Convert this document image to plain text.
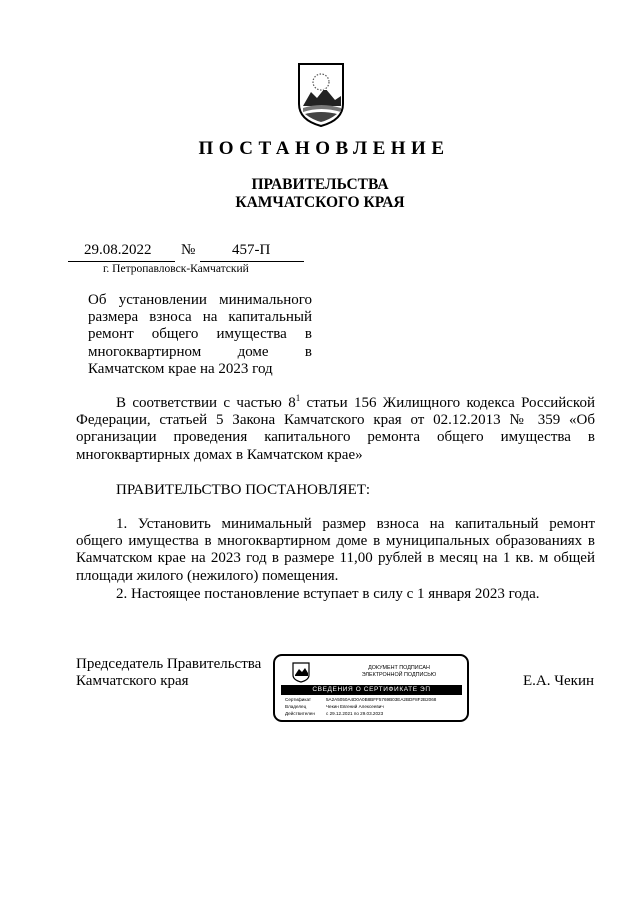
ПОСТАНОВЛЕНИЕ
ПРАВИТЕЛЬСТВА
КАМЧАТСКОГО КРАЯ
29.08.2022 № 457-П
г. Петропавловск-Камчатский
Об установлении минимального размера взноса на капитальный ремонт общего имущества в многоквартирном доме в Камчатском крае на 2023 год
В соответствии с частью $8^1$ статьи 156 Жилищного кодекса Российской Федерации, статьей 5 Закона Камчатского края от 02.12.2013 № 359 «Об организации проведения капитального ремонта общего имущества в многоквартирных домах в Камчатском крае»
ПРАВИТЕЛЬСТВО ПОСТАНОВЛЯЕТ:
1. Установить минимальный размер взноса на капитальный ремонт общего имущества в многоквартирном доме в муниципальных образованиях в Камчатском крае на 2023 год в размере 11,00 рублей в месяц на 1 кв. м общей площади жилого (нежилого) помещения.
2. Настоящее постановление вступает в силу с 1 января 2023 года.
Председатель Правительства
Камчатского края	Е.А. Чекин
ДОКУМЕНТ ПОДПИСАН
ЭЛЕКТРОННОЙ ПОДПИСЬЮ
СВЕДЕНИЯ О СЕРТИФИКАТЕ ЭП
Сертификат	5A2A5050A4D0A0B8BFF5769B03EA2BDF8F2B2068
Владелец	Чекин Евгений Алексеевич
Действителен с 29.12.2021 по 29.03.2023
